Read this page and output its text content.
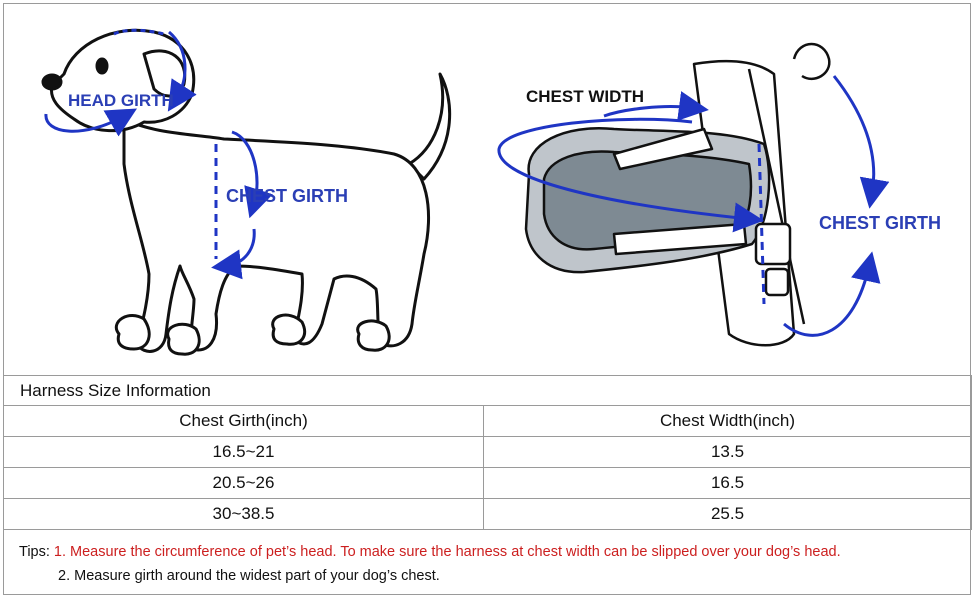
HEAD GIRTH
CHEST GIRTH
CHEST WIDTH
CHEST GIRTH
Harness Size Information	
Chest Girth(inch)	Chest Width(inch)
16.5~21	13.5
20.5~26	16.5
30~38.5	25.5
Tips: 1. Measure the circumference of pet’s head. To make sure the harness at chest width can be slipped over your dog’s head.
2. Measure girth around the widest part of your dog’s chest.
